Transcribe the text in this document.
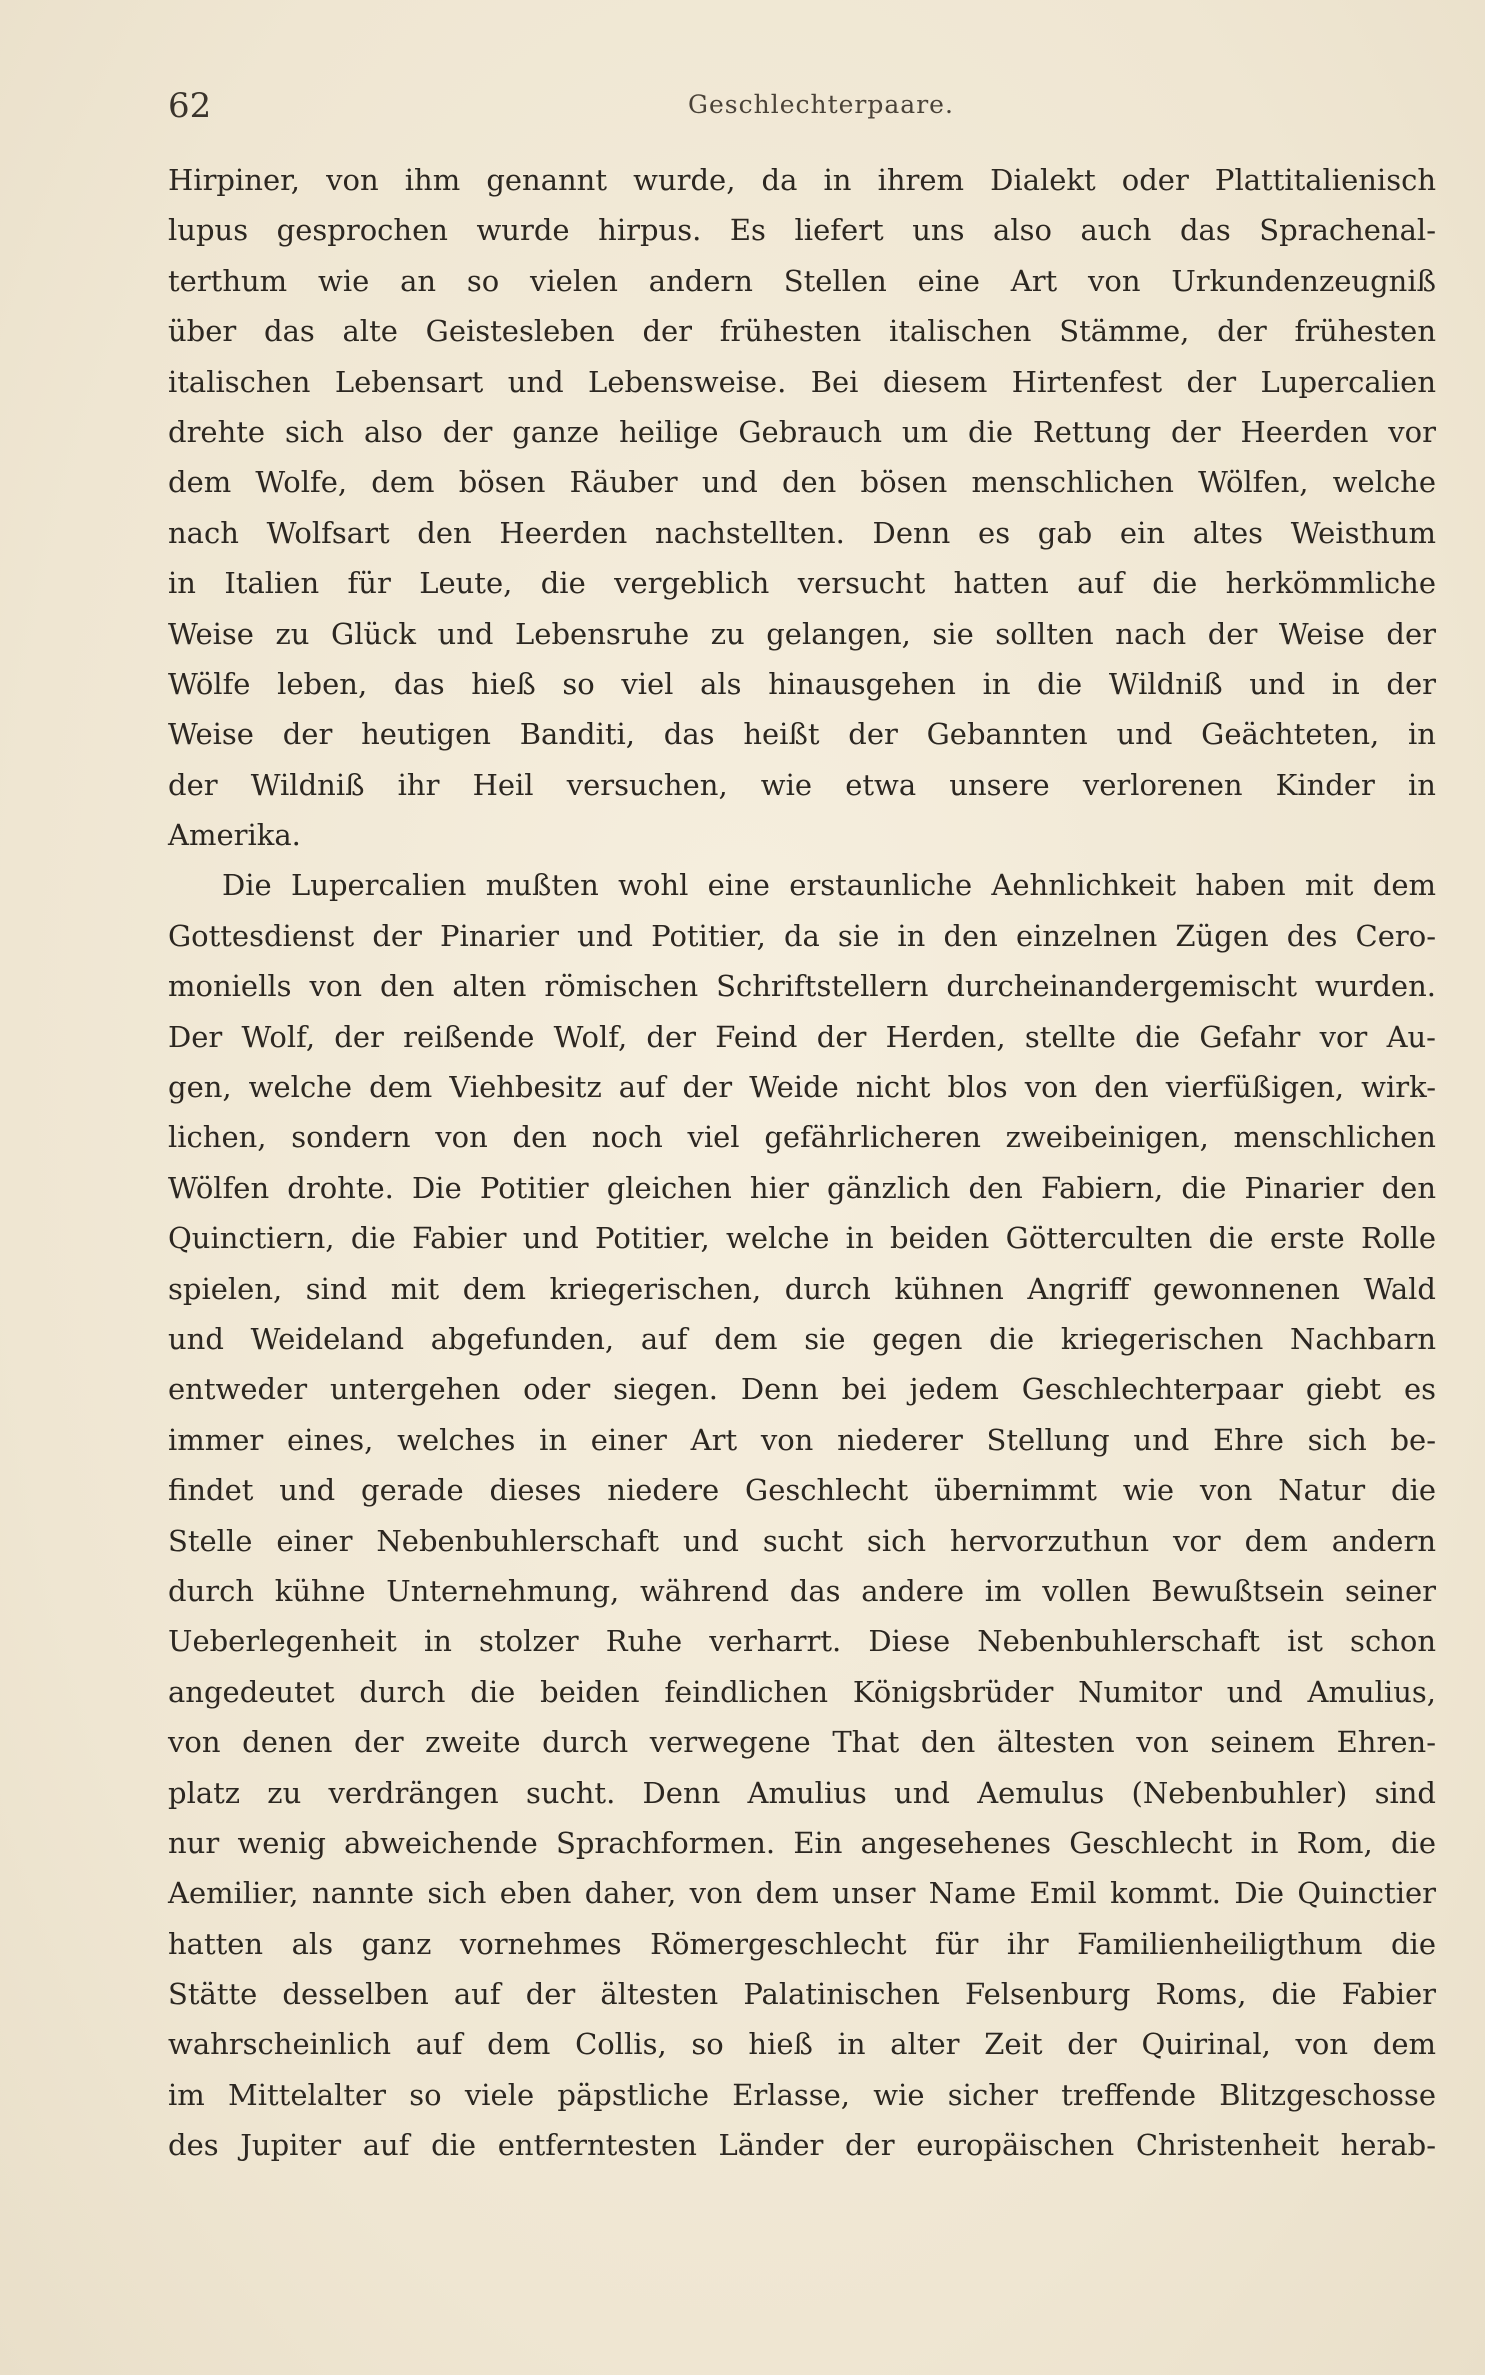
62	Geschlechterpaare.
Hirpiner, von ihm genannt wurde, da in ihrem Dialekt oder Plattitalienisch
lupus gesprochen wurde hirpus. Es liefert uns also auch das Sprachenal-
terthum wie an so vielen andern Stellen eine Art von Urkundenzeugniß
über das alte Geistesleben der frühesten italischen Stämme, der frühesten
italischen Lebensart und Lebensweise. Bei diesem Hirtenfest der Lupercalien
drehte sich also der ganze heilige Gebrauch um die Rettung der Heerden vor
dem Wolfe, dem bösen Räuber und den bösen menschlichen Wölfen, welche
nach Wolfsart den Heerden nachstellten. Denn es gab ein altes Weisthum
in Italien für Leute, die vergeblich versucht hatten auf die herkömmliche
Weise zu Glück und Lebensruhe zu gelangen, sie sollten nach der Weise der
Wölfe leben, das hieß so viel als hinausgehen in die Wildniß und in der
Weise der heutigen Banditi, das heißt der Gebannten und Geächteten, in
der Wildniß ihr Heil versuchen, wie etwa unsere verlorenen Kinder in
Amerika.
Die Lupercalien mußten wohl eine erstaunliche Aehnlichkeit haben mit dem
Gottesdienst der Pinarier und Potitier, da sie in den einzelnen Zügen des Cero-
moniells von den alten römischen Schriftstellern durcheinandergemischt wurden.
Der Wolf, der reißende Wolf, der Feind der Herden, stellte die Gefahr vor Au-
gen, welche dem Viehbesitz auf der Weide nicht blos von den vierfüßigen, wirk-
lichen, sondern von den noch viel gefährlicheren zweibeinigen, menschlichen
Wölfen drohte. Die Potitier gleichen hier gänzlich den Fabiern, die Pinarier den
Quinctiern, die Fabier und Potitier, welche in beiden Götterculten die erste Rolle
spielen, sind mit dem kriegerischen, durch kühnen Angriff gewonnenen Wald
und Weideland abgefunden, auf dem sie gegen die kriegerischen Nachbarn
entweder untergehen oder siegen. Denn bei jedem Geschlechterpaar giebt es
immer eines, welches in einer Art von niederer Stellung und Ehre sich be-
findet und gerade dieses niedere Geschlecht übernimmt wie von Natur die
Stelle einer Nebenbuhlerschaft und sucht sich hervorzuthun vor dem andern
durch kühne Unternehmung, während das andere im vollen Bewußtsein seiner
Ueberlegenheit in stolzer Ruhe verharrt. Diese Nebenbuhlerschaft ist schon
angedeutet durch die beiden feindlichen Königsbrüder Numitor und Amulius,
von denen der zweite durch verwegene That den ältesten von seinem Ehren-
platz zu verdrängen sucht. Denn Amulius und Aemulus (Nebenbuhler) sind
nur wenig abweichende Sprachformen. Ein angesehenes Geschlecht in Rom, die
Aemilier, nannte sich eben daher, von dem unser Name Emil kommt. Die Quinctier
hatten als ganz vornehmes Römergeschlecht für ihr Familienheiligthum die
Stätte desselben auf der ältesten Palatinischen Felsenburg Roms, die Fabier
wahrscheinlich auf dem Collis, so hieß in alter Zeit der Quirinal, von dem
im Mittelalter so viele päpstliche Erlasse, wie sicher treffende Blitzgeschosse
des Jupiter auf die entferntesten Länder der europäischen Christenheit herab-
